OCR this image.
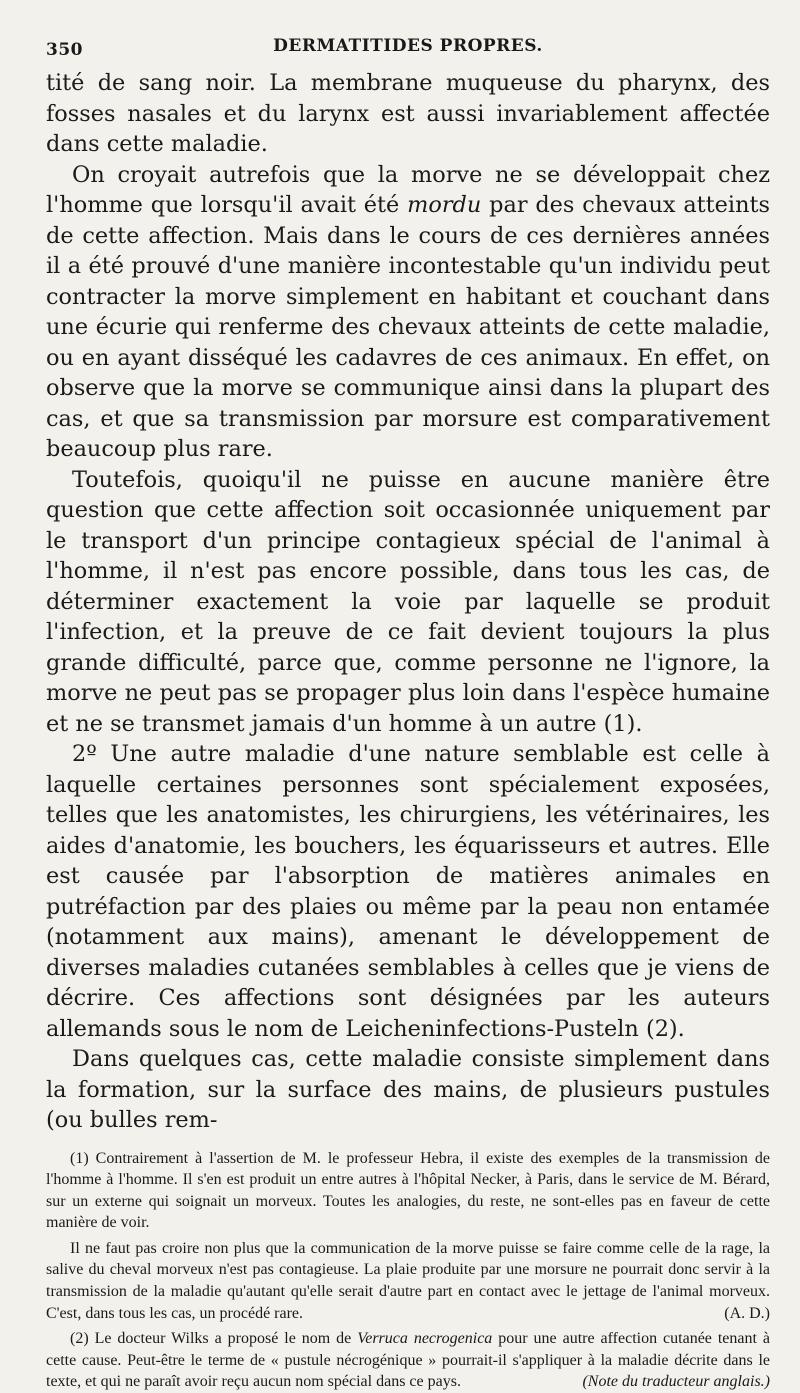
350	DERMATITIDES PROPRES.

tité de sang noir. La membrane muqueuse du pharynx, des fosses nasales et du larynx est aussi invariablement affectée dans cette maladie.

On croyait autrefois que la morve ne se développait chez l'homme que lorsqu'il avait été mordu par des chevaux atteints de cette affection. Mais dans le cours de ces dernières années il a été prouvé d'une manière incontestable qu'un individu peut contracter la morve simplement en habitant et couchant dans une écurie qui renferme des chevaux atteints de cette maladie, ou en ayant disséqué les cadavres de ces animaux. En effet, on observe que la morve se communique ainsi dans la plupart des cas, et que sa transmission par morsure est comparativement beaucoup plus rare.

Toutefois, quoiqu'il ne puisse en aucune manière être question que cette affection soit occasionnée uniquement par le transport d'un principe contagieux spécial de l'animal à l'homme, il n'est pas encore possible, dans tous les cas, de déterminer exactement la voie par laquelle se produit l'infection, et la preuve de ce fait devient toujours la plus grande difficulté, parce que, comme personne ne l'ignore, la morve ne peut pas se propager plus loin dans l'espèce humaine et ne se transmet jamais d'un homme à un autre (1).

2º Une autre maladie d'une nature semblable est celle à laquelle certaines personnes sont spécialement exposées, telles que les anatomistes, les chirurgiens, les vétérinaires, les aides d'anatomie, les bouchers, les équarisseurs et autres. Elle est causée par l'absorption de matières animales en putréfaction par des plaies ou même par la peau non entamée (notamment aux mains), amenant le développement de diverses maladies cutanées semblables à celles que je viens de décrire. Ces affections sont désignées par les auteurs allemands sous le nom de Leicheninfections-Pusteln (2).

Dans quelques cas, cette maladie consiste simplement dans la formation, sur la surface des mains, de plusieurs pustules (ou bulles rem-

(1) Contrairement à l'assertion de M. le professeur Hebra, il existe des exemples de la transmission de l'homme à l'homme. Il s'en est produit un entre autres à l'hôpital Necker, à Paris, dans le service de M. Bérard, sur un externe qui soignait un morveux. Toutes les analogies, du reste, ne sont-elles pas en faveur de cette manière de voir.

Il ne faut pas croire non plus que la communication de la morve puisse se faire comme celle de la rage, la salive du cheval morveux n'est pas contagieuse. La plaie produite par une morsure ne pourrait donc servir à la transmission de la maladie qu'autant qu'elle serait d'autre part en contact avec le jettage de l'animal morveux. C'est, dans tous les cas, un procédé rare.	(A. D.)

(2) Le docteur Wilks a proposé le nom de Verruca necrogenica pour une autre affection cutanée tenant à cette cause. Peut-être le terme de « pustule nécrogénique » pourrait-il s'appliquer à la maladie décrite dans le texte, et qui ne paraît avoir reçu aucun nom spécial dans ce pays.	(Note du traducteur anglais.)
